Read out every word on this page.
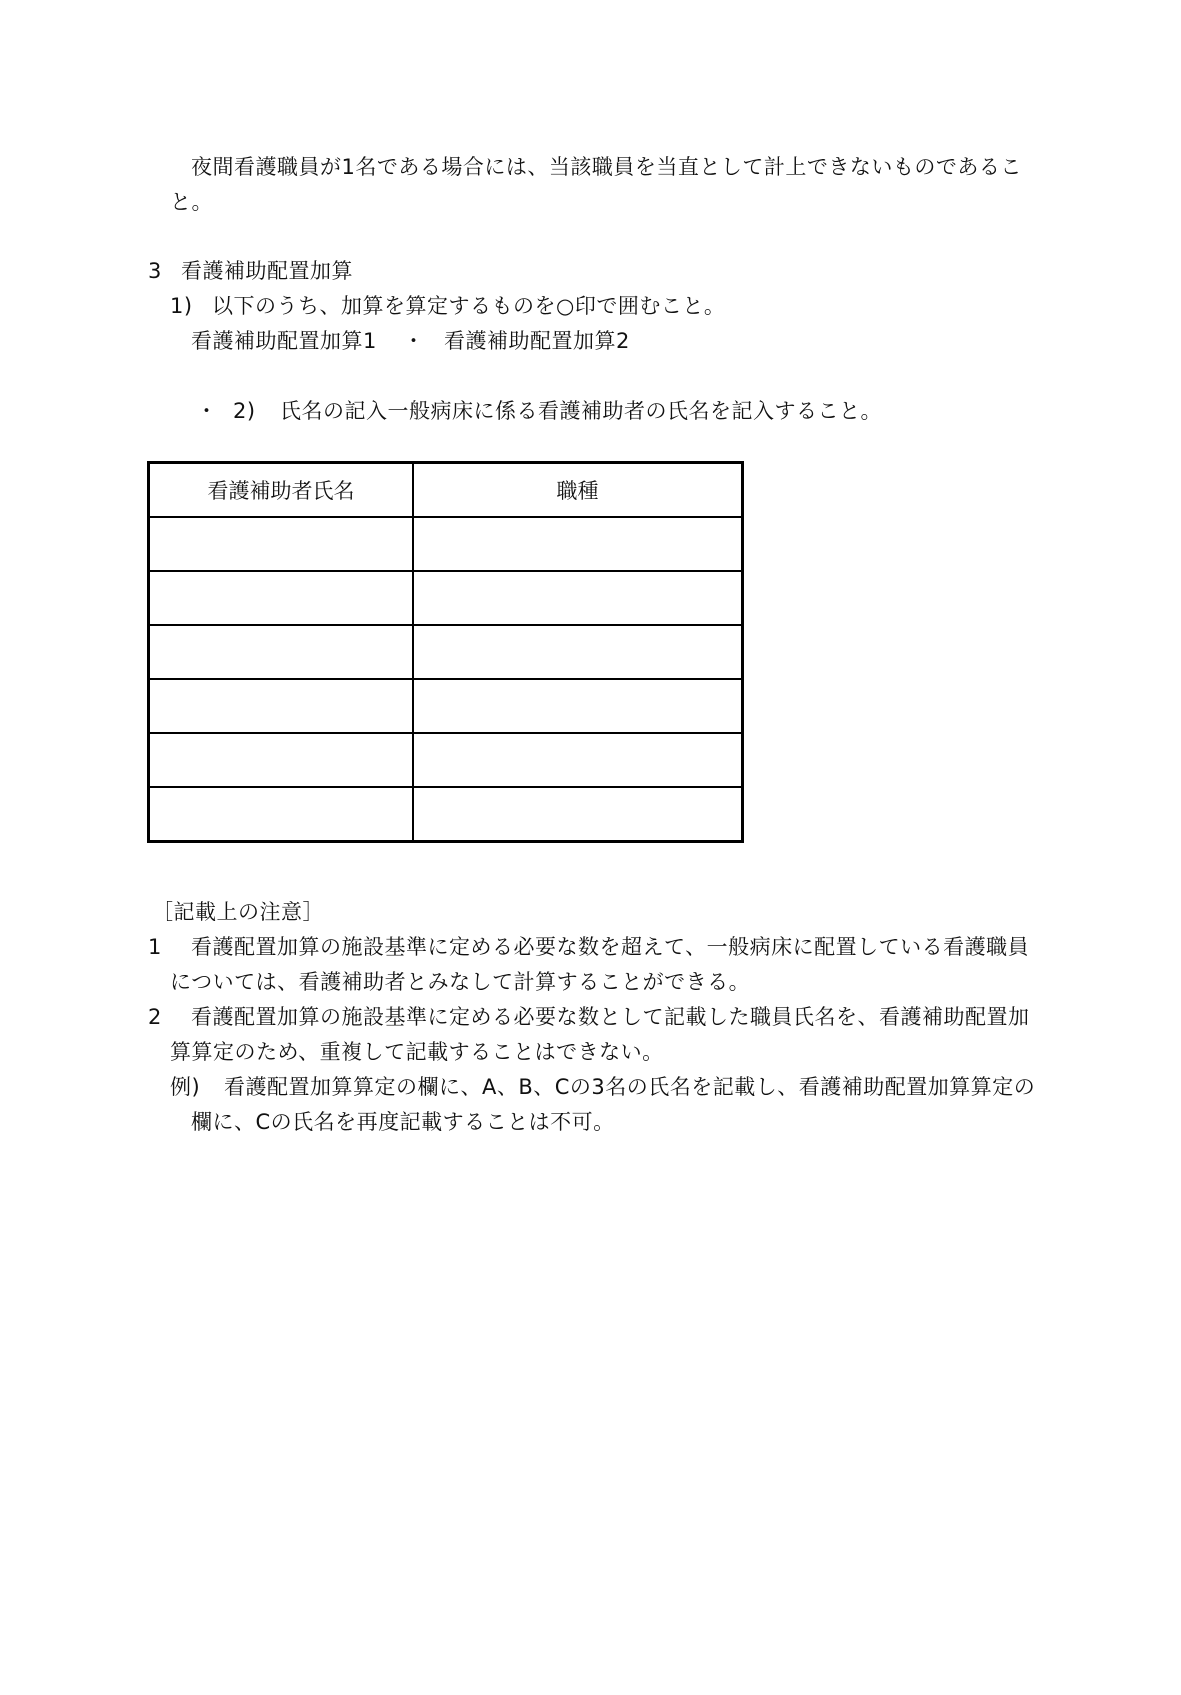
夜間看護職員が1名である場合には、当該職員を当直として計上できないものであるこ
と。
3 看護補助配置加算
1) 以下のうち、加算を算定するものを○印で囲むこと。
看護補助配置加算1 ・ 看護補助配置加算2
・ 2) 氏名の記入一般病床に係る看護補助者の氏名を記入すること。
看護補助者氏名	職種

［記載上の注意］
1 看護配置加算の施設基準に定める必要な数を超えて、一般病床に配置している看護職員
については、看護補助者とみなして計算することができる。
2 看護配置加算の施設基準に定める必要な数として記載した職員氏名を、看護補助配置加
算算定のため、重複して記載することはできない。
例) 看護配置加算算定の欄に、A、B、Cの3名の氏名を記載し、看護補助配置加算算定の
欄に、Cの氏名を再度記載することは不可。
